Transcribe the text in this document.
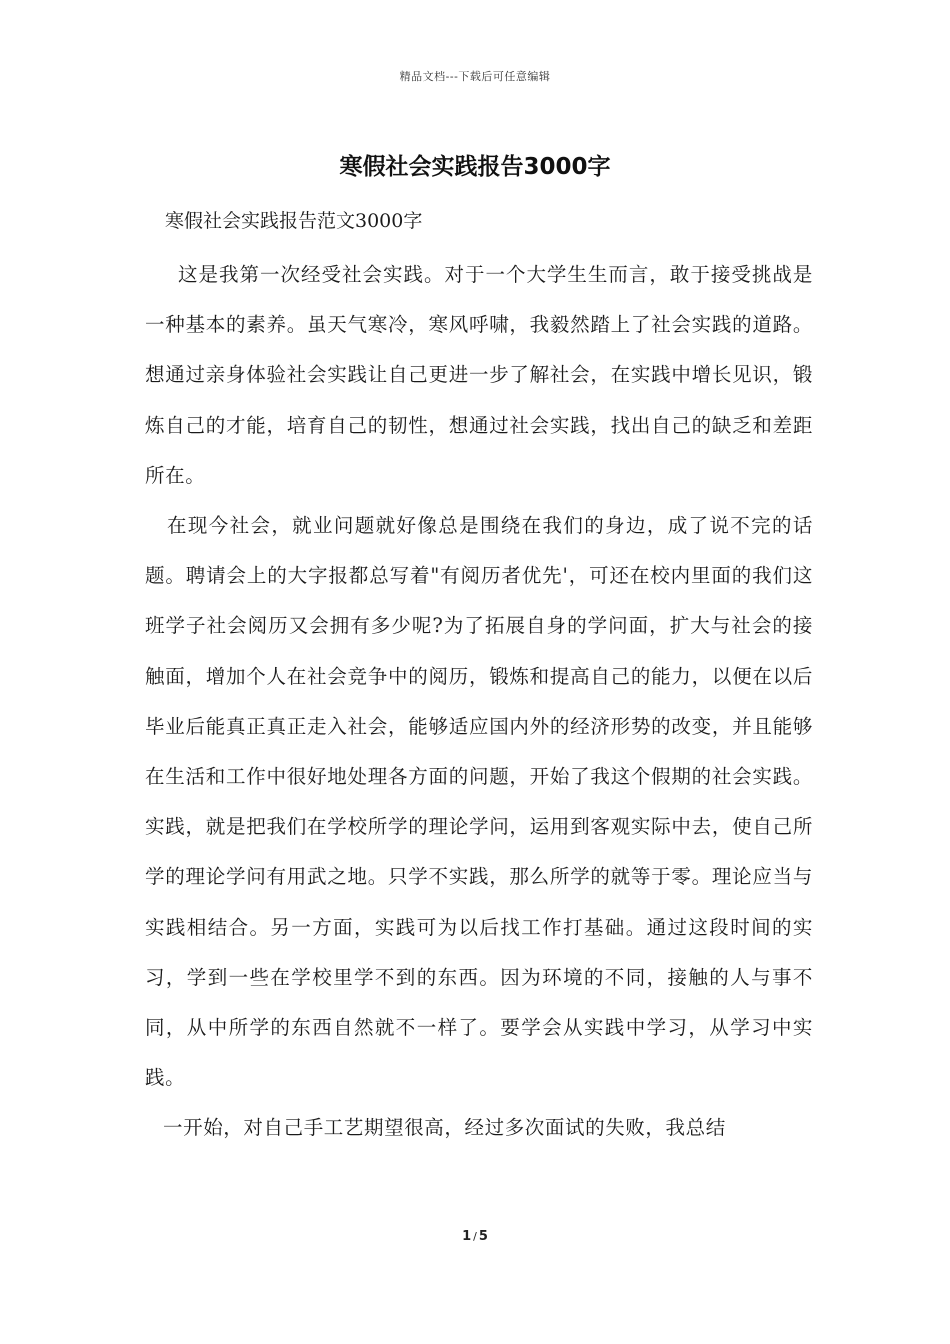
精品文档---下载后可任意编辑
寒假社会实践报告3000字

寒假社会实践报告范文3000字

这是我第一次经受社会实践。对于一个大学生生而言，敢于接受挑战是一种基本的素养。虽天气寒冷，寒风呼啸，我毅然踏上了社会实践的道路。想通过亲身体验社会实践让自己更进一步了解社会，在实践中增长见识，锻炼自己的才能，培育自己的韧性，想通过社会实践，找出自己的缺乏和差距所在。

在现今社会，就业问题就好像总是围绕在我们的身边，成了说不完的话题。聘请会上的大字报都总写着"有阅历者优先'，可还在校内里面的我们这班学子社会阅历又会拥有多少呢?为了拓展自身的学问面，扩大与社会的接触面，增加个人在社会竞争中的阅历，锻炼和提高自己的能力，以便在以后毕业后能真正真正走入社会，能够适应国内外的经济形势的改变，并且能够在生活和工作中很好地处理各方面的问题，开始了我这个假期的社会实践。实践，就是把我们在学校所学的理论学问，运用到客观实际中去，使自己所学的理论学问有用武之地。只学不实践，那么所学的就等于零。理论应当与实践相结合。另一方面，实践可为以后找工作打基础。通过这段时间的实习，学到一些在学校里学不到的东西。因为环境的不同，接触的人与事不同，从中所学的东西自然就不一样了。要学会从实践中学习，从学习中实践。

一开始，对自己手工艺期望很高，经过多次面试的失败，我总结

1 / 5
